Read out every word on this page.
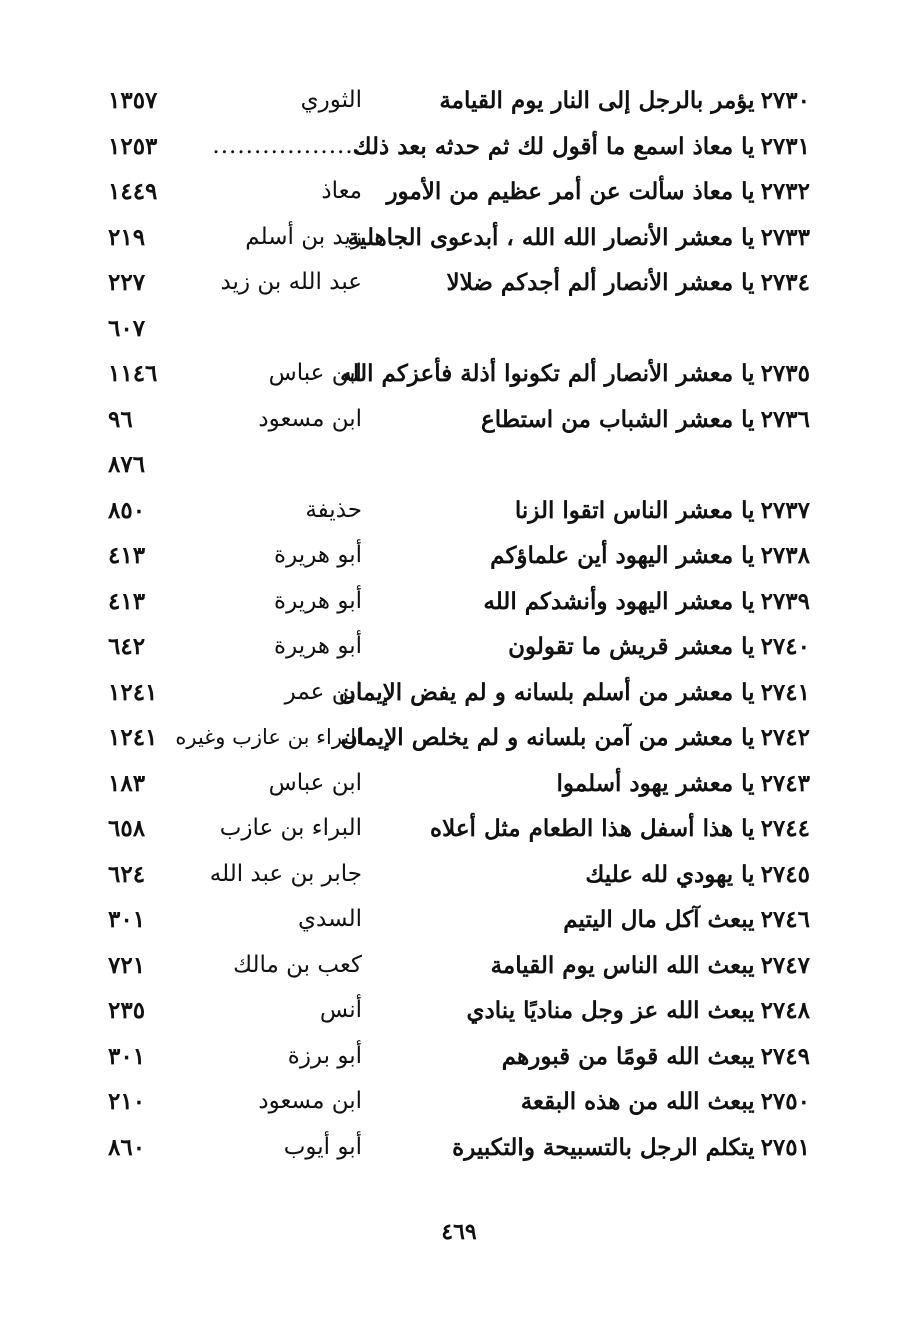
٢٧٣٠يؤمر بالرجل إلى النار يوم القيامة
الثوري
١٣٥٧
٢٧٣١يا معاذ اسمع ما أقول لك ثم حدثه بعد ذلك
..................
١٢٥٣
٢٧٣٢يا معاذ سألت عن أمر عظيم من الأمور
معاذ
١٤٤٩
٢٧٣٣يا معشر الأنصار الله الله ، أبدعوى الجاهلية
زيد بن أسلم
٢١٩
٢٧٣٤يا معشر الأنصار ألم أجدكم ضلالا
عبد الله بن زيد
٢٢٧
٦٠٧
٢٧٣٥يا معشر الأنصار ألم تكونوا أذلة فأعزكم الله
ابن عباس
١١٤٦
٢٧٣٦يا معشر الشباب من استطاع
ابن مسعود
٩٦
٨٧٦
٢٧٣٧يا معشر الناس اتقوا الزنا
حذيفة
٨٥٠
٢٧٣٨يا معشر اليهود أين علماؤكم
أبو هريرة
٤١٣
٢٧٣٩يا معشر اليهود وأنشدكم الله
أبو هريرة
٤١٣
٢٧٤٠يا معشر قريش ما تقولون
أبو هريرة
٦٤٢
٢٧٤١يا معشر من أسلم بلسانه و لم يفض الإيمان
ابن عمر
١٢٤١
٢٧٤٢يا معشر من آمن بلسانه و لم يخلص الإيمان
البراء بن عازب وغيره
١٢٤١
٢٧٤٣يا معشر يهود أسلموا
ابن عباس
١٨٣
٢٧٤٤يا هذا أسفل هذا الطعام مثل أعلاه
البراء بن عازب
٦٥٨
٢٧٤٥يا يهودي لله عليك
جابر بن عبد الله
٦٢٤
٢٧٤٦يبعث آكل مال اليتيم
السدي
٣٠١
٢٧٤٧يبعث الله الناس يوم القيامة
كعب بن مالك
٧٢١
٢٧٤٨يبعث الله عز وجل مناديًا ينادي
أنس
٢٣٥
٢٧٤٩يبعث الله قومًا من قبورهم
أبو برزة
٣٠١
٢٧٥٠يبعث الله من هذه البقعة
ابن مسعود
٢١٠
٢٧٥١يتكلم الرجل بالتسبيحة والتكبيرة
أبو أيوب
٨٦٠
٤٦٩
